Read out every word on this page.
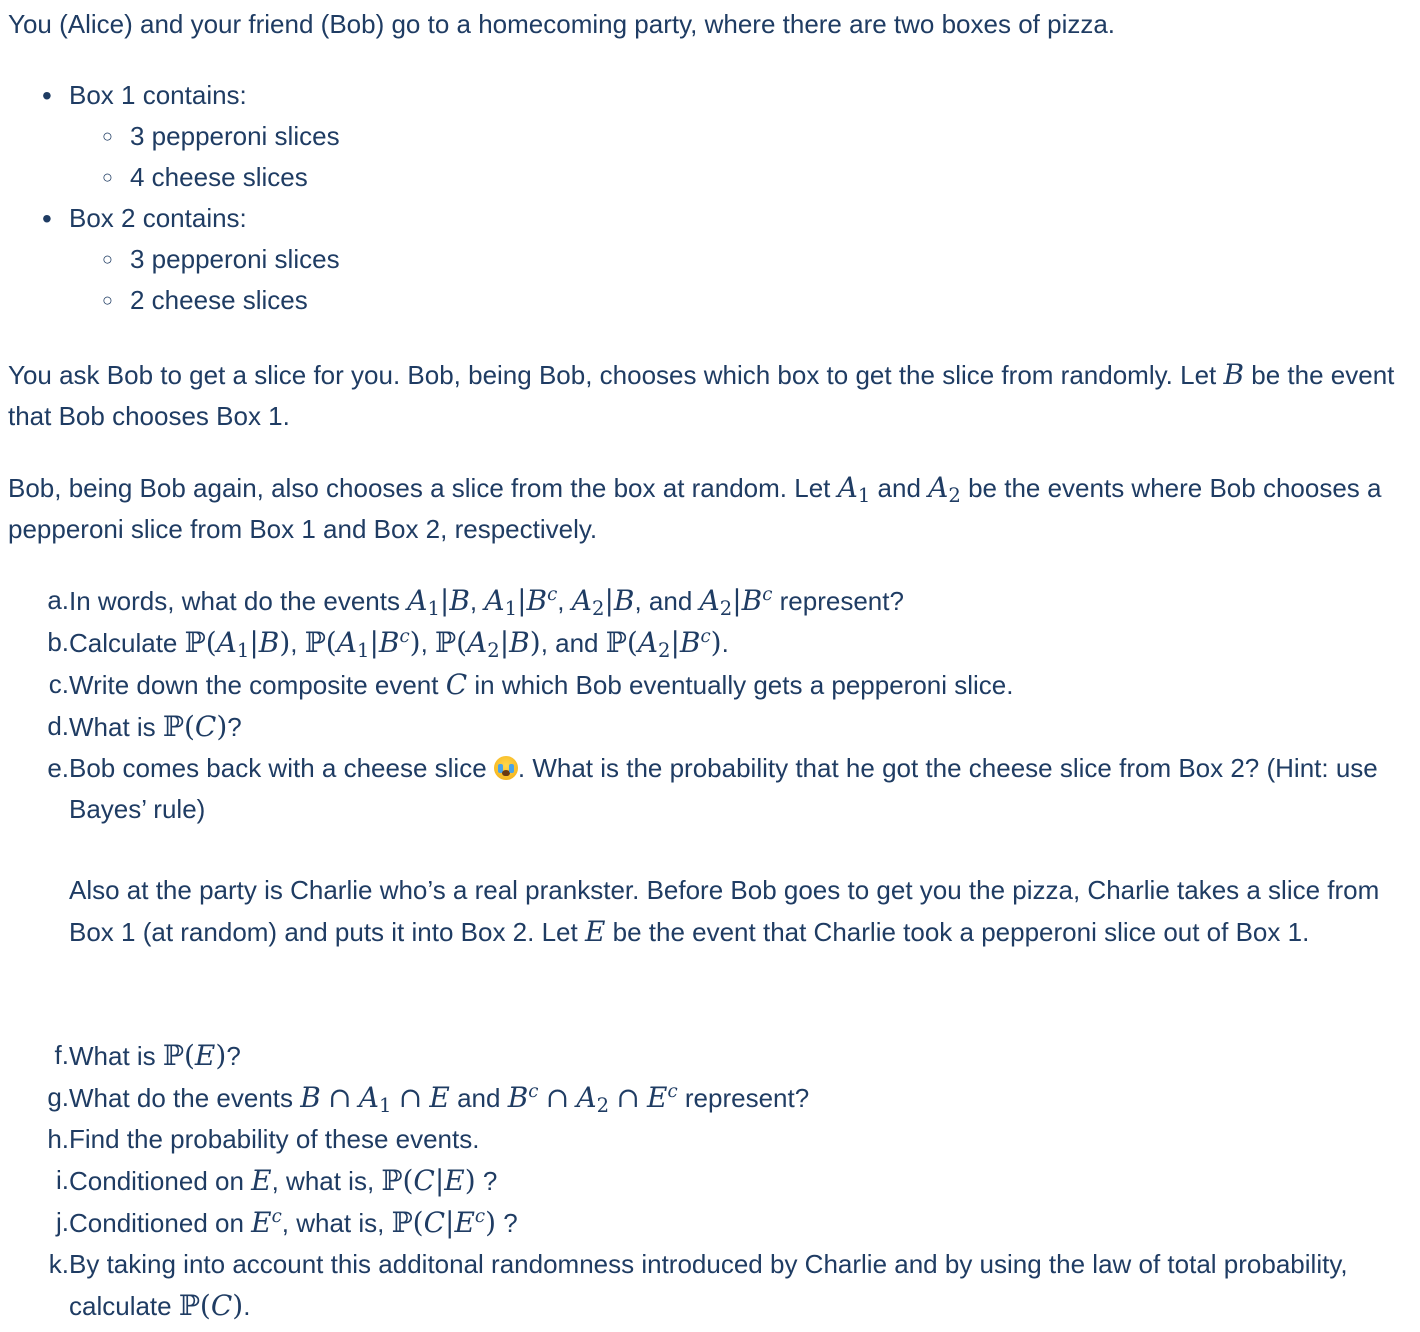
You (Alice) and your friend (Bob) go to a homecoming party, where there are two boxes of pizza.

• Box 1 contains:
○ 3 pepperoni slices
○ 4 cheese slices
• Box 2 contains:
○ 3 pepperoni slices
○ 2 cheese slices

You ask Bob to get a slice for you. Bob, being Bob, chooses which box to get the slice from randomly. Let B be the event that Bob chooses Box 1.

Bob, being Bob again, also chooses a slice from the box at random. Let $A_1$ and $A_2$ be the events where Bob chooses a pepperoni slice from Box 1 and Box 2, respectively.

a. In words, what do the events $A_1|B$, $A_1|B^c$, $A_2|B$, and $A_2|B^c$ represent?
b. Calculate $ℙ(A_1|B)$, $ℙ(A_1|B^c)$, $ℙ(A_2|B)$, and $ℙ(A_2|B^c)$.
c. Write down the composite event C in which Bob eventually gets a pepperoni slice.
d. What is ℙ(C)?
e. Bob comes back with a cheese slice
. What is the probability that he got the cheese slice from Box 2? (Hint: use Bayes’ rule)

Also at the party is Charlie who’s a real prankster. Before Bob goes to get you the pizza, Charlie takes a slice from Box 1 (at random) and puts it into Box 2. Let E be the event that Charlie took a pepperoni slice out of Box 1.

f. What is ℙ(E)?
g. What do the events B ∩ $A_1$ ∩ E and $B^c$ ∩ $A_2$ ∩ $E^c$ represent?
h. Find the probability of these events.
i. Conditioned on E, what is, ℙ(C|E) ?
j. Conditioned on $E^c$, what is, $ℙ(C|E^c)$ ?
k. By taking into account this additonal randomness introduced by Charlie and by using the law of total probability, calculate ℙ(C).
